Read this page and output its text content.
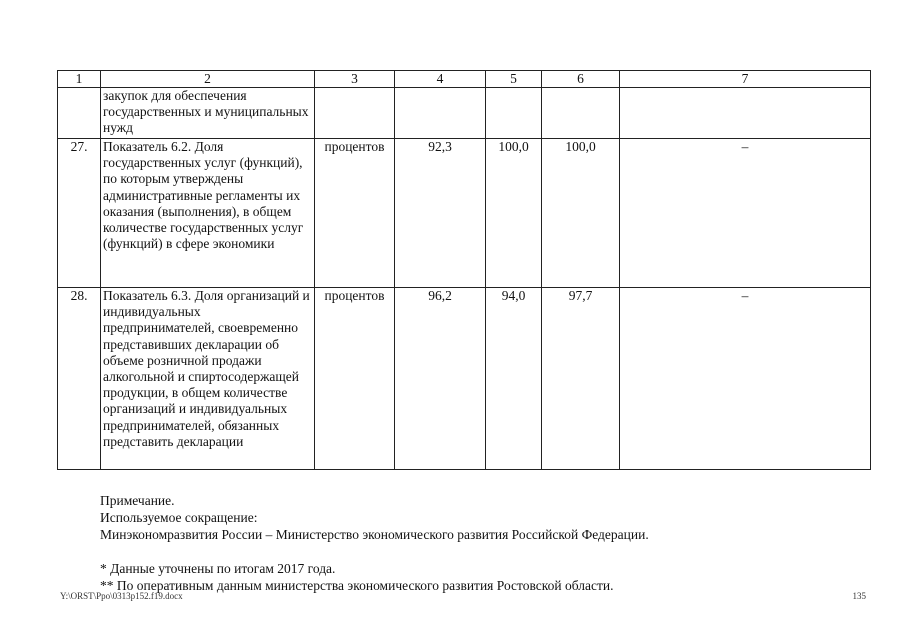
1	2	3	4	5	6	7
	закупок для обеспечения государственных и муниципальных нужд					
27.	Показатель 6.2. Доля государственных услуг (функций), по которым утверждены административные регламенты их оказания (выполнения), в общем количестве государственных услуг (функций) в сфере экономики	процентов	92,3	100,0	100,0	–
28.	Показатель 6.3. Доля организаций и индивидуальных предпринимателей, своевременно представивших декларации об объеме розничной продажи алкогольной и спиртосодержащей продукции, в общем количестве организаций и индивидуальных предпринимателей, обязанных представить декларации	процентов	96,2	94,0	97,7	–
Примечание.
Используемое сокращение:
Минэкономразвития России – Министерство экономического развития Российской Федерации.
* Данные уточнены по итогам 2017 года.
** По оперативным данным министерства экономического развития Ростовской области.
Y:\ORST\Ppo\0313p152.f19.docx	135
